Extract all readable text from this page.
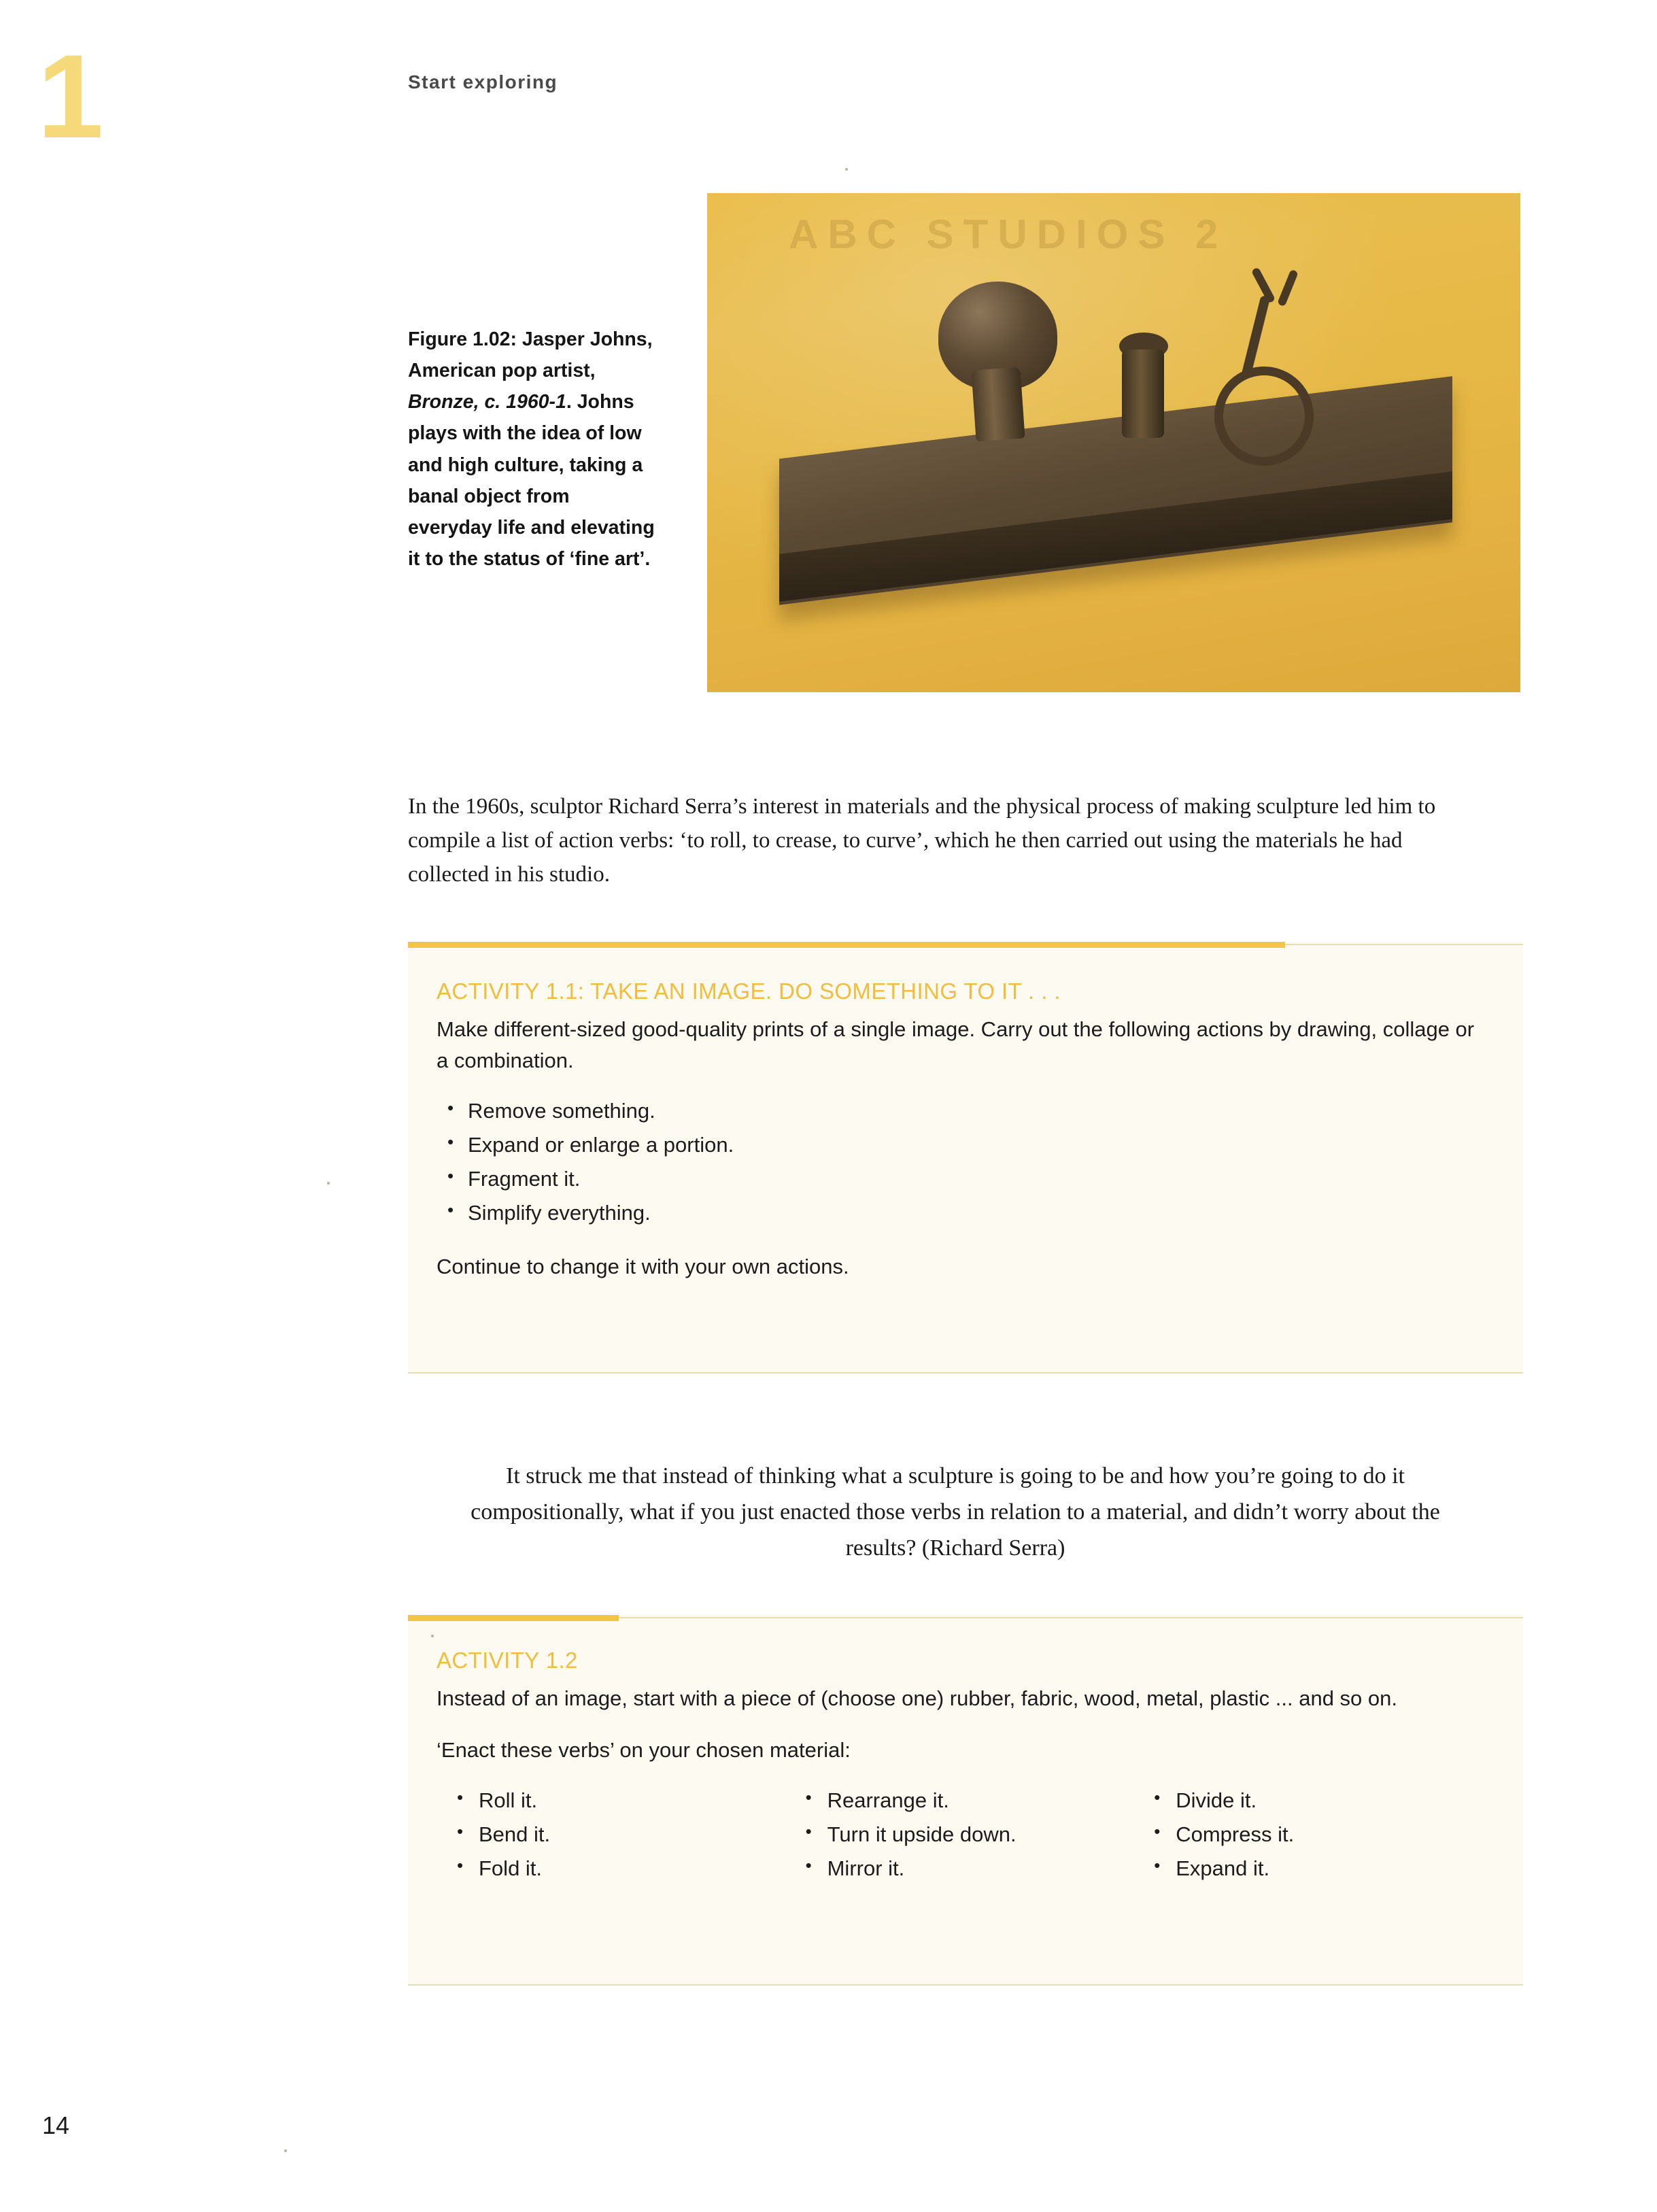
1	Start exploring
ABC STUDIOS 2
Figure 1.02: Jasper Johns, American pop artist, Bronze, c. 1960-1. Johns plays with the idea of low and high culture, taking a banal object from everyday life and elevating it to the status of ‘fine art’.

In the 1960s, sculptor Richard Serra’s interest in materials and the physical process of making sculpture led him to compile a list of action verbs: ‘to roll, to crease, to curve’, which he then carried out using the materials he had collected in his studio.

ACTIVITY 1.1: TAKE AN IMAGE. DO SOMETHING TO IT . . .
Make different-sized good-quality prints of a single image. Carry out the following actions by drawing, collage or a combination.
• Remove something.
• Expand or enlarge a portion.
• Fragment it.
• Simplify everything.
Continue to change it with your own actions.

It struck me that instead of thinking what a sculpture is going to be and how you’re going to do it compositionally, what if you just enacted those verbs in relation to a material, and didn’t worry about the results? (Richard Serra)

ACTIVITY 1.2
Instead of an image, start with a piece of (choose one) rubber, fabric, wood, metal, plastic ... and so on.
‘Enact these verbs’ on your chosen material:
• Roll it.
• Bend it.
• Fold it.
• Rearrange it.
• Turn it upside down.
• Mirror it.
• Divide it.
• Compress it.
• Expand it.
14
